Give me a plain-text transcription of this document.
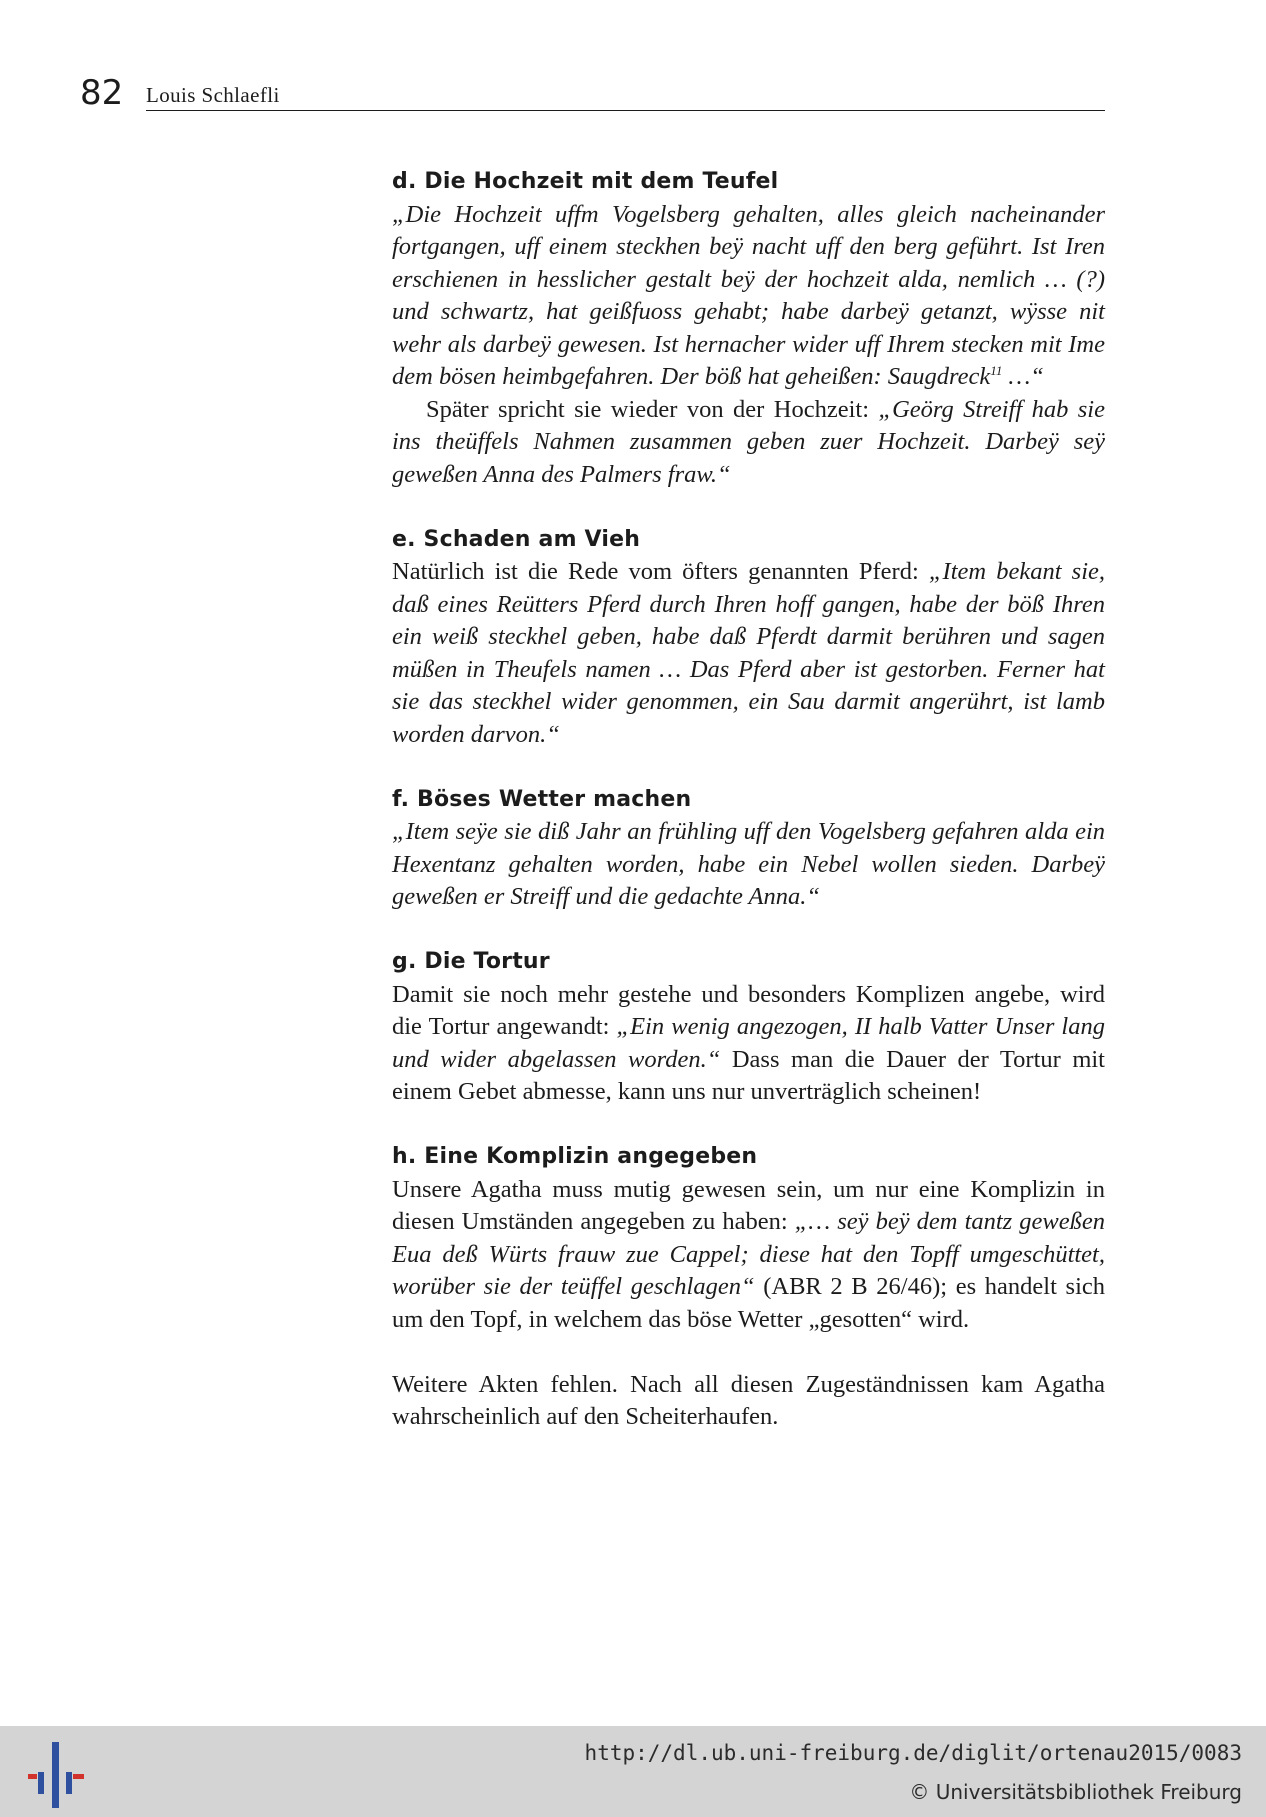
82 Louis Schlaefli
d. Die Hochzeit mit dem Teufel

„Die Hochzeit uffm Vogelsberg gehalten, alles gleich nacheinander fortgangen, uff einem steckhen beÿ nacht uff den berg geführt. Ist Iren erschienen in hesslicher gestalt beÿ der hochzeit alda, nemlich … (?) und schwartz, hat geißfuoss gehabt; habe darbeÿ getanzt, wÿsse nit wehr als darbeÿ gewesen. Ist hernacher wider uff Ihrem stecken mit Ime dem bösen heimbgefahren. Der böß hat geheißen: Saugdreck$^{11}$ …“

Später spricht sie wieder von der Hochzeit: „Geörg Streiff hab sie ins theüffels Nahmen zusammen geben zuer Hochzeit. Darbeÿ seÿ geweßen Anna des Palmers fraw.“

e. Schaden am Vieh

Natürlich ist die Rede vom öfters genannten Pferd: „Item bekant sie, daß eines Reütters Pferd durch Ihren hoff gangen, habe der böß Ihren ein weiß steckhel geben, habe daß Pferdt darmit berühren und sagen müßen in Theufels namen … Das Pferd aber ist gestorben. Ferner hat sie das steckhel wider genommen, ein Sau darmit angerührt, ist lamb worden darvon.“

f. Böses Wetter machen

„Item seÿe sie diß Jahr an frühling uff den Vogelsberg gefahren alda ein Hexentanz gehalten worden, habe ein Nebel wollen sieden. Darbeÿ geweßen er Streiff und die gedachte Anna.“

g. Die Tortur

Damit sie noch mehr gestehe und besonders Komplizen angebe, wird die Tortur angewandt: „Ein wenig angezogen, II halb Vatter Unser lang und wider abgelassen worden.“ Dass man die Dauer der Tortur mit einem Gebet abmesse, kann uns nur unverträglich scheinen!

h. Eine Komplizin angegeben

Unsere Agatha muss mutig gewesen sein, um nur eine Komplizin in diesen Umständen angegeben zu haben: „… seÿ beÿ dem tantz geweßen Eua deß Würts frauw zue Cappel; diese hat den Topff umgeschüttet, worüber sie der teüffel geschlagen“ (ABR 2 B 26/46); es handelt sich um den Topf, in welchem das böse Wetter „gesotten“ wird.

Weitere Akten fehlen. Nach all diesen Zugeständnissen kam Agatha wahrscheinlich auf den Scheiterhaufen.

http://dl.ub.uni-freiburg.de/diglit/ortenau2015/0083
© Universitätsbibliothek Freiburg
